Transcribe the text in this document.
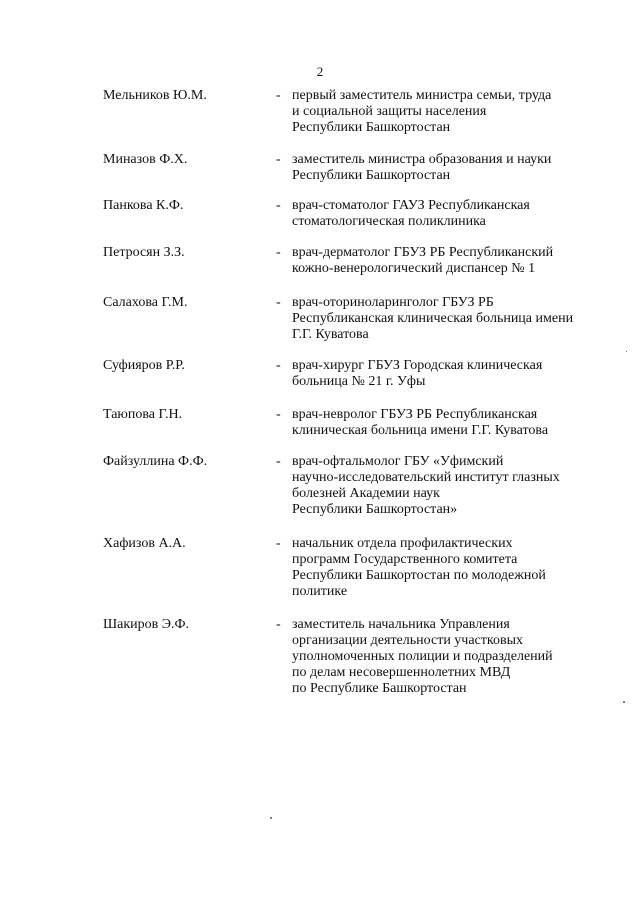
2
Мельников Ю.М.	- первый заместитель министра семьи, труда
и социальной защиты населения
Республики Башкортостан
Миназов Ф.Х.	- заместитель министра образования и науки
Республики Башкортостан
Панкова К.Ф.	- врач-стоматолог ГАУЗ Республиканская
стоматологическая поликлиника
Петросян З.З.	- врач-дерматолог ГБУЗ РБ Республиканский
кожно-венерологический диспансер № 1
Салахова Г.М.	- врач-оториноларинголог ГБУЗ РБ
Республиканская клиническая больница имени
Г.Г. Куватова
Суфияров Р.Р.	- врач-хирург ГБУЗ Городская клиническая
больница № 21 г. Уфы
Таюпова Г.Н.	- врач-невролог ГБУЗ РБ Республиканская
клиническая больница имени Г.Г. Куватова
Файзуллина Ф.Ф.	- врач-офтальмолог ГБУ «Уфимский
научно-исследовательский институт глазных
болезней Академии наук
Республики Башкортостан»
Хафизов А.А.	- начальник отдела профилактических
программ Государственного комитета
Республики Башкортостан по молодежной
политике
Шакиров Э.Ф.	- заместитель начальника Управления
организации деятельности участковых
уполномоченных полиции и подразделений
по делам несовершеннолетних МВД
по Республике Башкортостан
